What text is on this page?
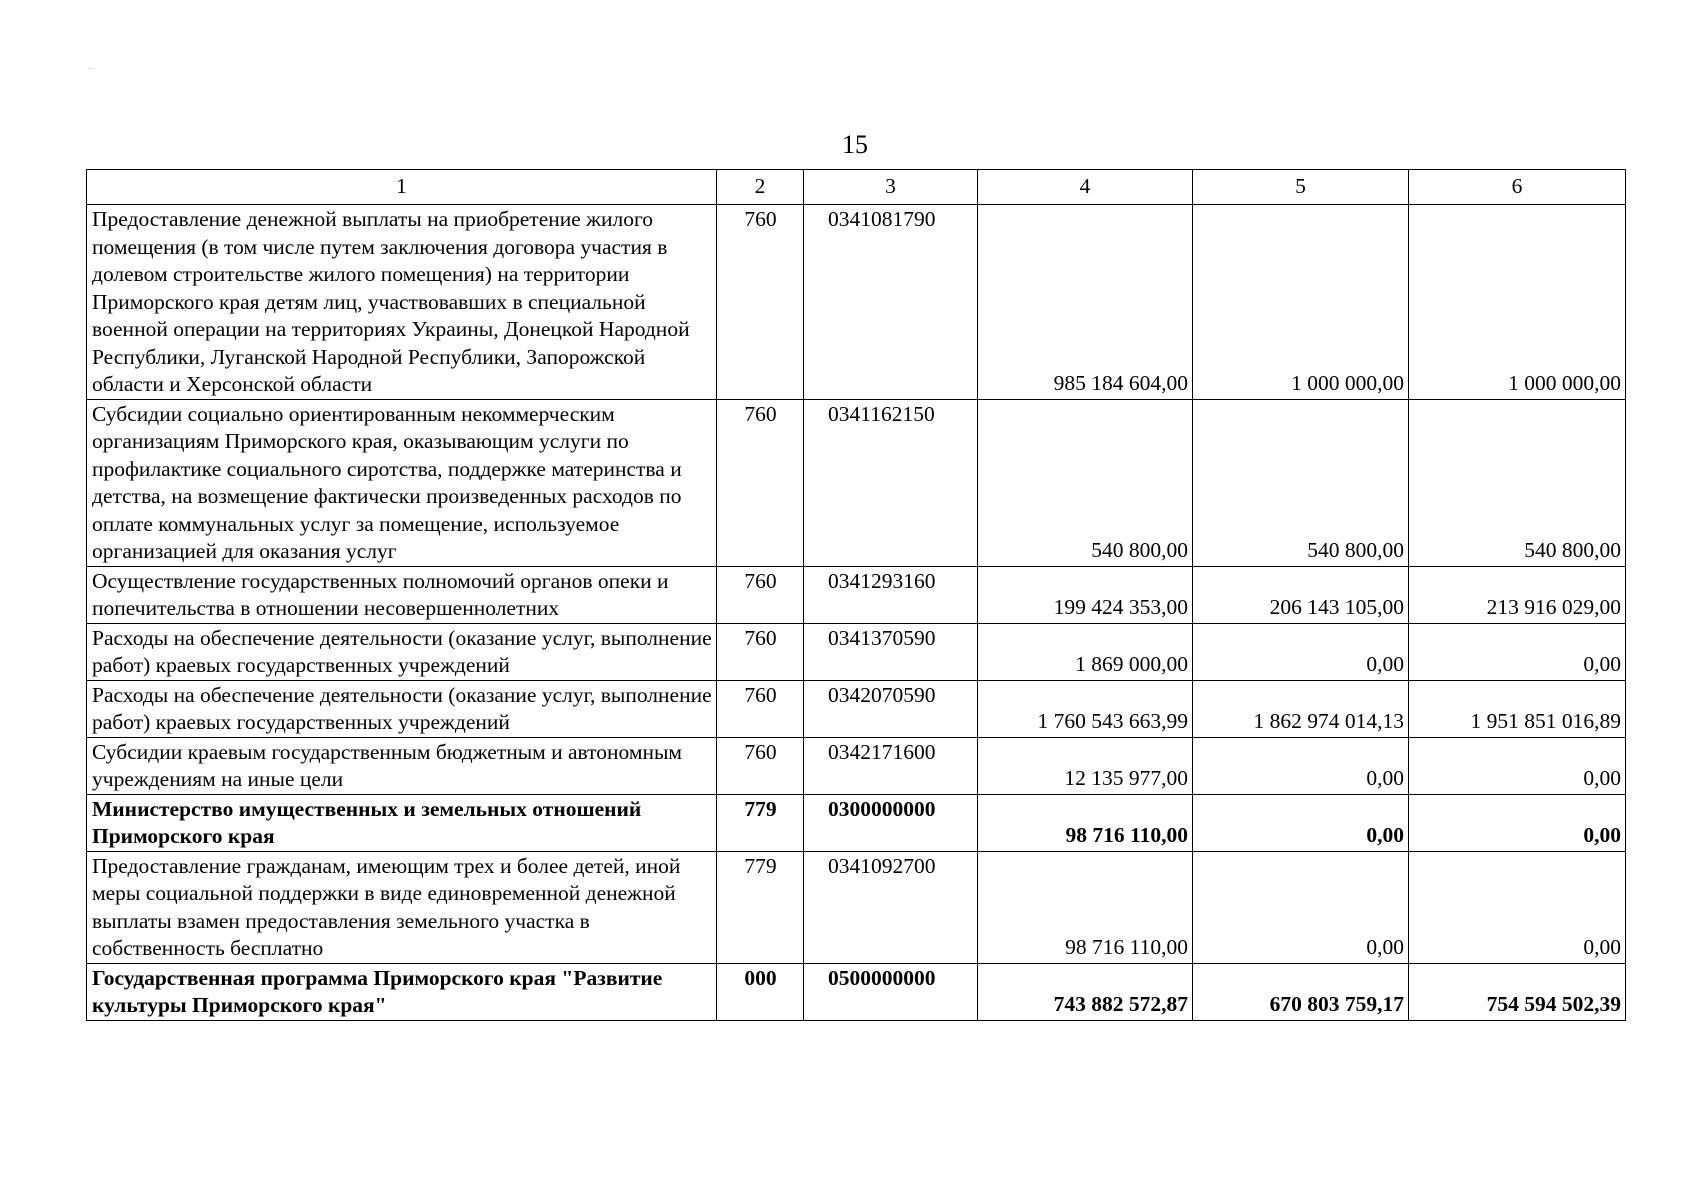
15
1	2	3	4	5	6
Предоставление денежной выплаты на приобретение жилого помещения (в том числе путем заключения договора участия в долевом строительстве жилого помещения) на территории Приморского края детям лиц, участвовавших в специальной военной операции на территориях Украины, Донецкой Народной Республики, Луганской Народной Республики, Запорожской области и Херсонской области	760	0341081790	985 184 604,00	1 000 000,00	1 000 000,00
Субсидии социально ориентированным некоммерческим организациям Приморского края, оказывающим услуги по профилактике социального сиротства, поддержке материнства и детства, на возмещение фактически произведенных расходов по оплате коммунальных услуг за помещение, используемое организацией для оказания услуг	760	0341162150	540 800,00	540 800,00	540 800,00
Осуществление государственных полномочий органов опеки и попечительства в отношении несовершеннолетних	760	0341293160	199 424 353,00	206 143 105,00	213 916 029,00
Расходы на обеспечение деятельности (оказание услуг, выполнение работ) краевых государственных учреждений	760	0341370590	1 869 000,00	0,00	0,00
Расходы на обеспечение деятельности (оказание услуг, выполнение работ) краевых государственных учреждений	760	0342070590	1 760 543 663,99	1 862 974 014,13	1 951 851 016,89
Субсидии краевым государственным бюджетным и автономным учреждениям на иные цели	760	0342171600	12 135 977,00	0,00	0,00
Министерство имущественных и земельных отношений Приморского края	779	0300000000	98 716 110,00	0,00	0,00
Предоставление гражданам, имеющим трех и более детей, иной меры социальной поддержки в виде единовременной денежной выплаты взамен предоставления земельного участка в собственность бесплатно	779	0341092700	98 716 110,00	0,00	0,00
Государственная программа Приморского края "Развитие культуры Приморского края"	000	0500000000	743 882 572,87	670 803 759,17	754 594 502,39
